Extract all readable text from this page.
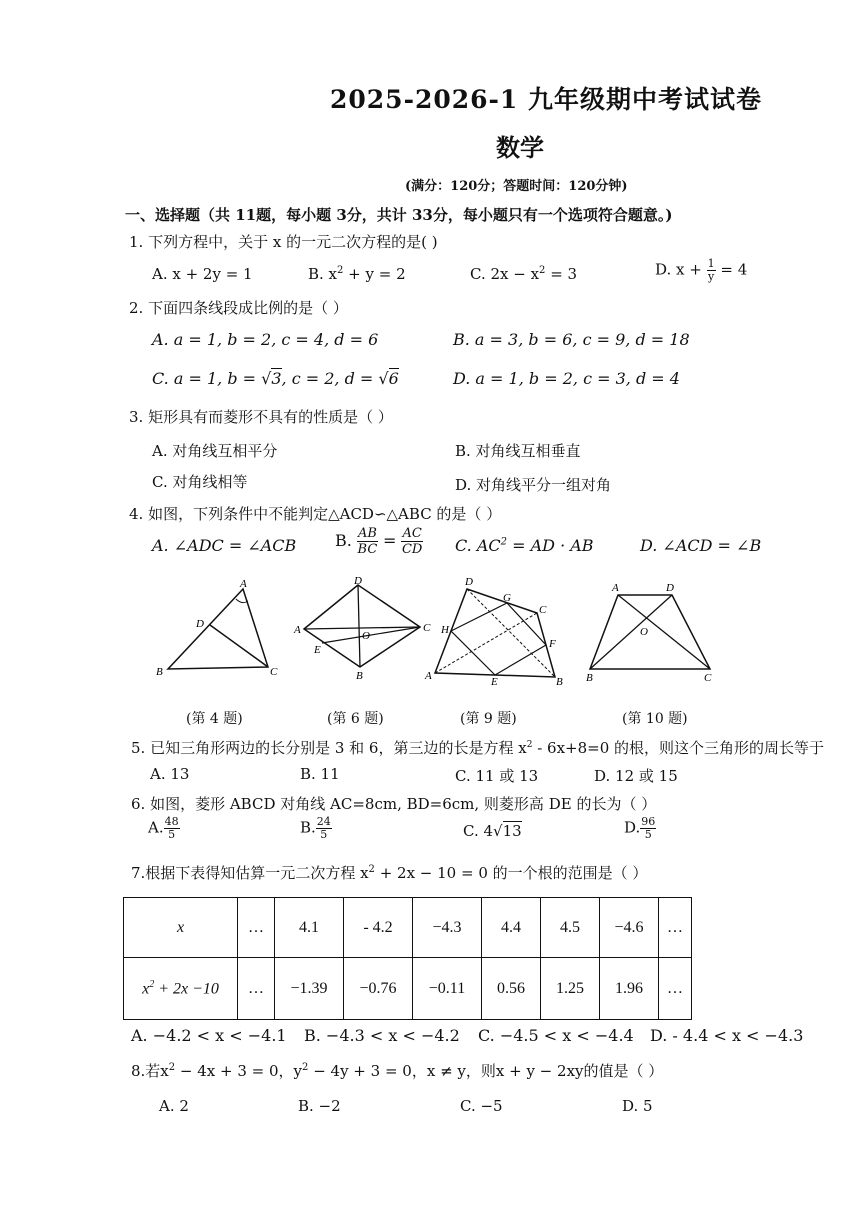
2025-2026-1 九年级期中考试试卷
数学
(满分：120分；答题时间：120分钟)
一、选择题（共 11题，每小题 3分，共计 33分，每小题只有一个选项符合题意。)
1. 下列方程中，关于 x 的一元二次方程的是( )
A. x + 2y = 1	B. $x^2 + y = 2$	C. $2x - x^2 = 3$	D. $x + \frac{1}{y} = 4$
2. 下面四条线段成比例的是（ ）
A. a = 1, b = 2, c = 4, d = 6	B. a = 3, b = 6, c = 9, d = 18
C. a = 1, b = √3, c = 2, d = √6	D. a = 1, b = 2, c = 3, d = 4
3. 矩形具有而菱形不具有的性质是（ ）
A. 对角线互相平分	B. 对角线互相垂直
C. 对角线相等	D. 对角线平分一组对角
4. 如图，下列条件中不能判定△ACD∽△ABC 的是（ ）
A. ∠ADC = ∠ACB B. $\frac{AB}{BC} = \frac{AC}{CD} C$. $AC^2$ = AD · AB	D. ∠ACD = ∠B
A
D
B	C
D
A	O
C
E
B
D
G
C
H
F
A	E	B
A	D
O
B	C
(第 4 题)	(第 6 题)	(第 9 题)	(第 10 题)
5. 已知三角形两边的长分别是 3 和 6，第三边的长是方程 $x^2 - 6x+8=0$ 的根，则这个三角形的周长等于
A. 13	B. 11	C. 11 或 13	D. 12 或 15
6. 如图，菱形 ABCD 对角线 AC=8cm, BD=6cm, 则菱形高 DE 的长为（ ）
A. $\frac{48}{5}$	B. $\frac{24}{5}$	C. 4√13	D. $\frac{96}{5}$
7.根据下表得知估算一元二次方程 $x^2 + 2x - 10 = 0$ 的一个根的范围是（ ）
x	…	4.1	- 4.2	−4.3	4.4	4.5	−4.6	…
$x^2 + 2x -10$	…	−1.39	−0.76	−0.11	0.56	1.25	1.96	…
A. −4.2 < x < −4.1 B. −4.3 < x < −4.2 C. −4.5 < x < −4.4 D. - 4.4 < x < −4.3
8.若$x^2 - 4x + 3 = 0$，$y^2 - 4y + 3 = 0$，x ≠ y，则x + y − 2xy的值是（ ）
A. 2	B. −2	C. −5	D. 5
